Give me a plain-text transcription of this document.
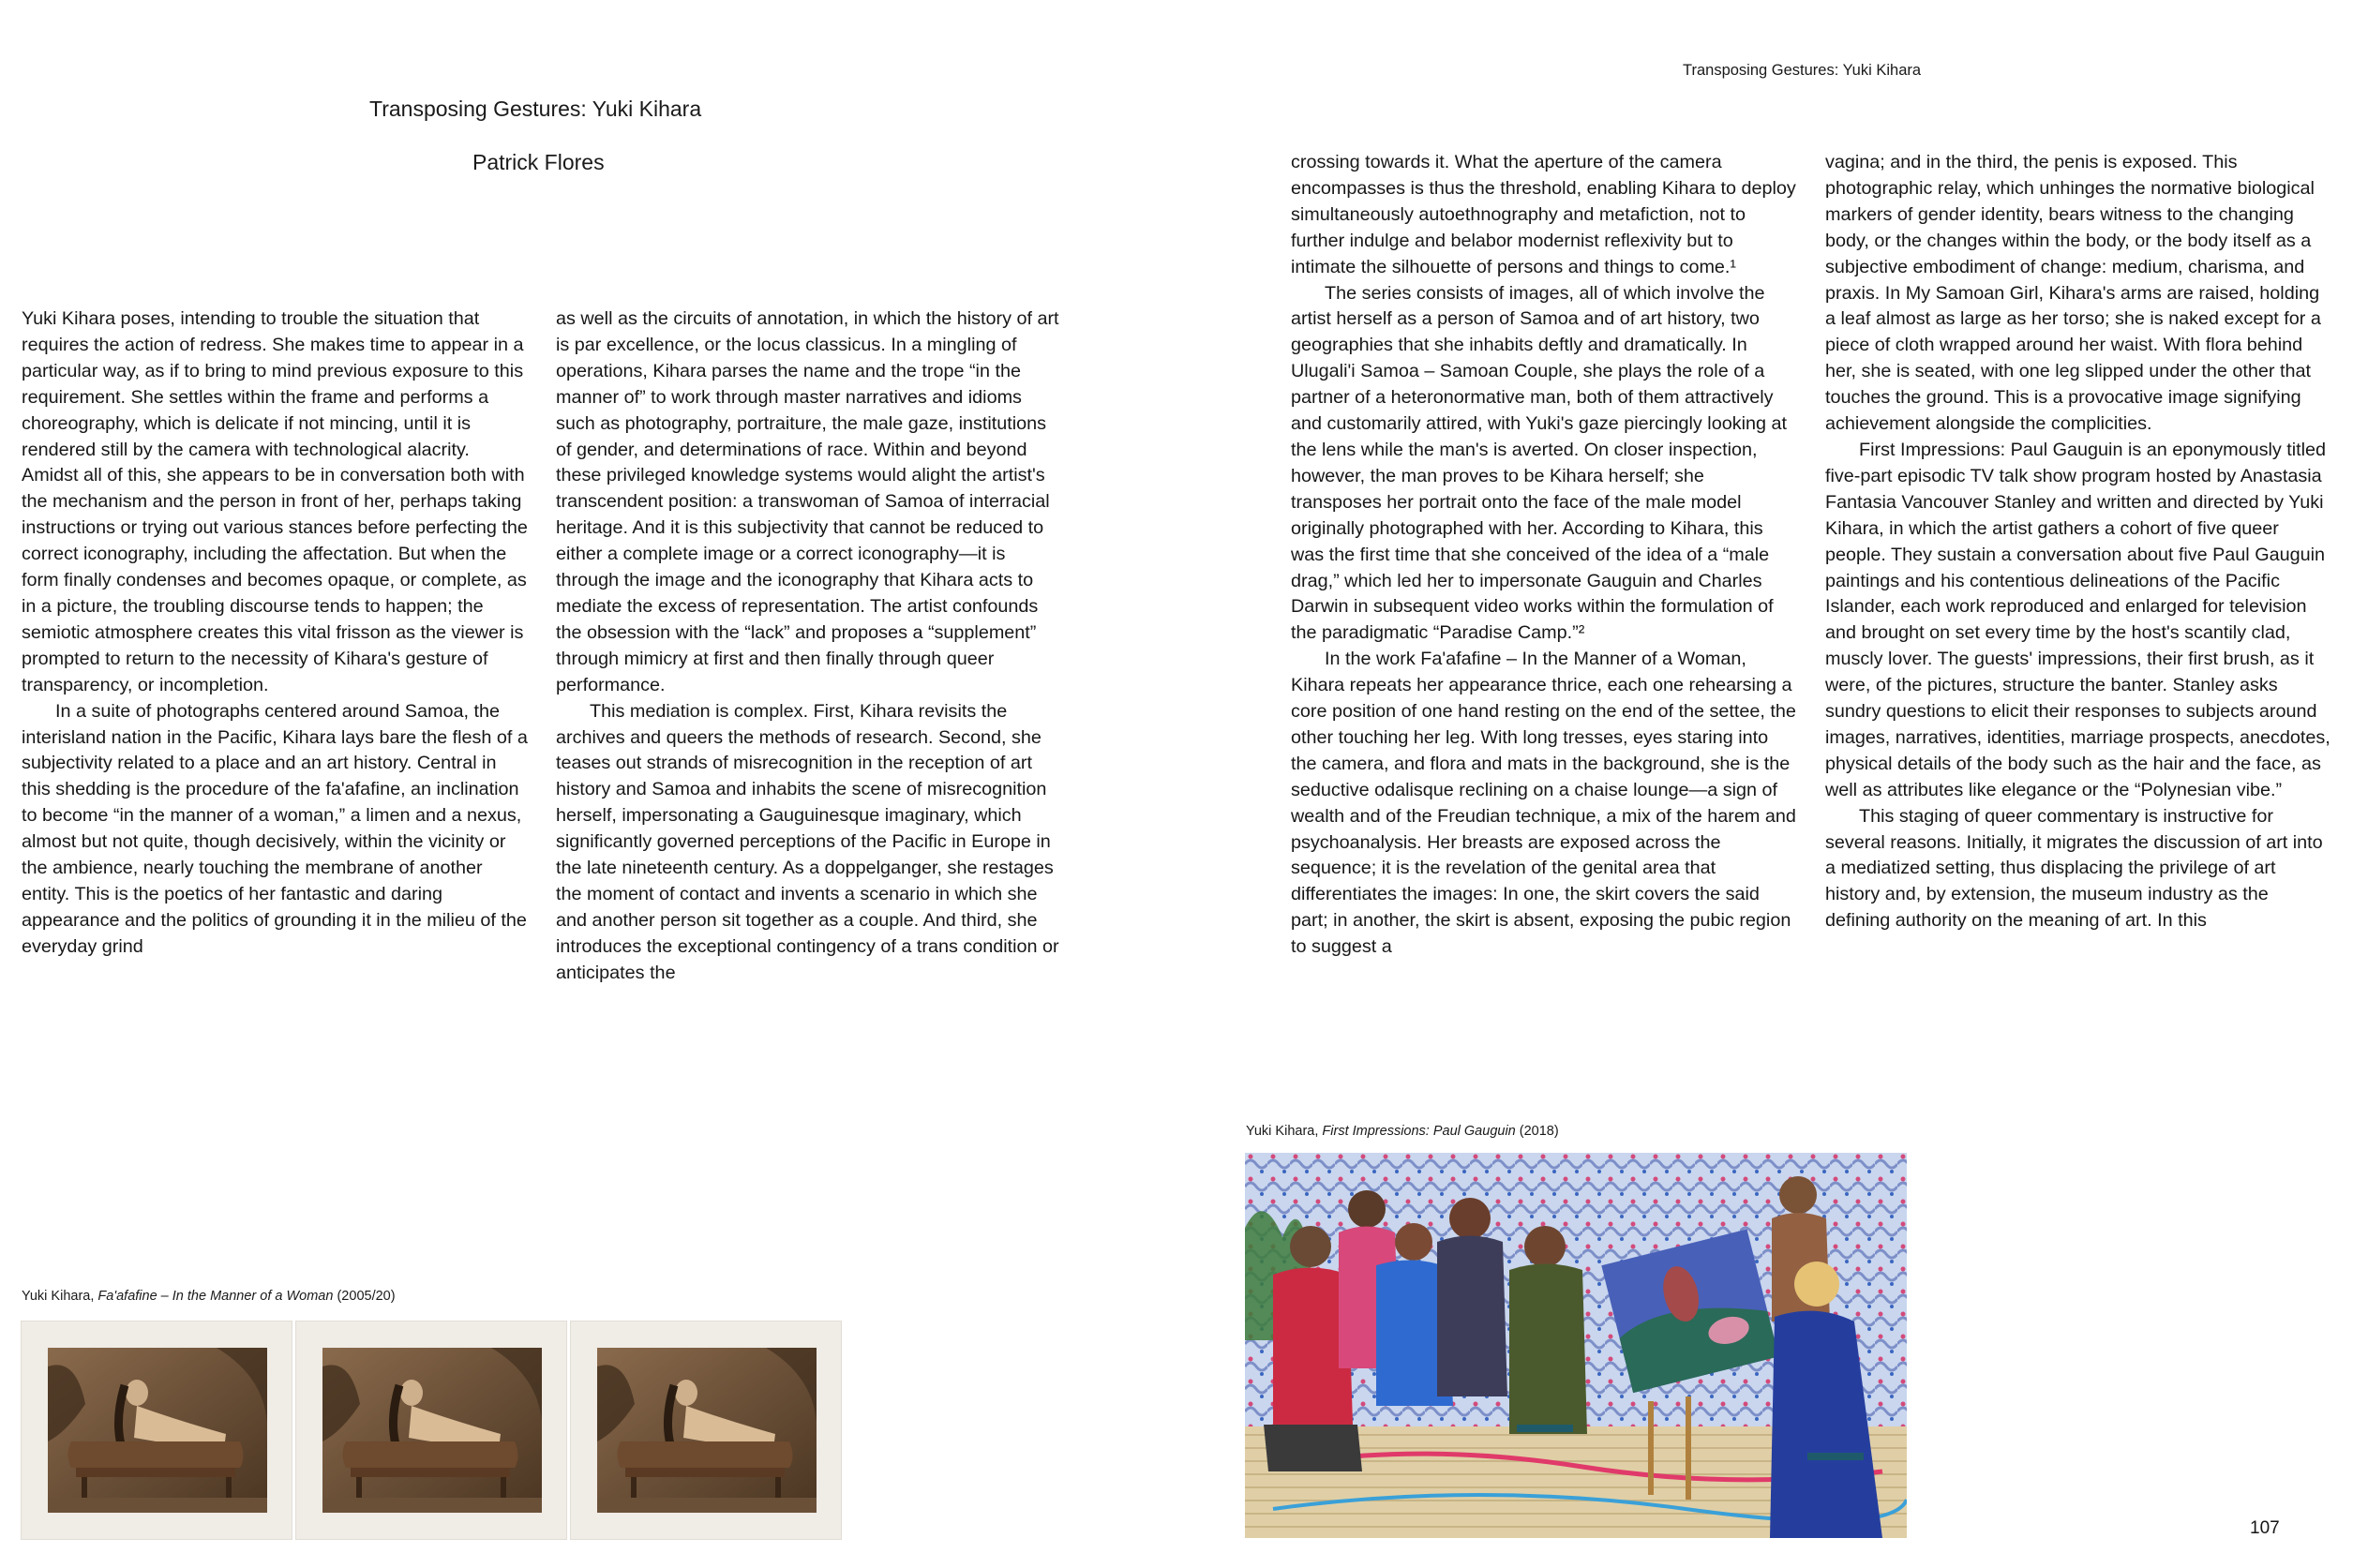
Transposing Gestures: Yuki Kihara
Patrick Flores

Yuki Kihara poses, intending to trouble the situation that requires the action of redress. She makes time to appear in a particular way, as if to bring to mind previous exposure to this requirement. She settles within the frame and performs a choreography, which is delicate if not mincing, until it is rendered still by the camera with technological alacrity. Amidst all of this, she appears to be in conversation both with the mechanism and the person in front of her, perhaps taking instructions or trying out various stances before perfecting the correct iconography, including the affectation. But when the form finally condenses and becomes opaque, or complete, as in a picture, the troubling discourse tends to happen; the semiotic atmosphere creates this vital frisson as the viewer is prompted to return to the necessity of Kihara's gesture of transparency, or incompletion.

In a suite of photographs centered around Samoa, the interisland nation in the Pacific, Kihara lays bare the flesh of a subjectivity related to a place and an art history. Central in this shedding is the procedure of the fa'afafine, an inclination to become “in the manner of a woman,” a limen and a nexus, almost but not quite, though decisively, within the vicinity or the ambience, nearly touching the membrane of another entity. This is the poetics of her fantastic and daring appearance and the politics of grounding it in the milieu of the everyday grind

as well as the circuits of annotation, in which the history of art is par excellence, or the locus classicus. In a mingling of operations, Kihara parses the name and the trope “in the manner of” to work through master narratives and idioms such as photography, portraiture, the male gaze, institutions of gender, and determinations of race. Within and beyond these privileged knowledge systems would alight the artist's transcendent position: a transwoman of Samoa of interracial heritage. And it is this subjectivity that cannot be reduced to either a complete image or a correct iconography—it is through the image and the iconography that Kihara acts to mediate the excess of representation. The artist confounds the obsession with the “lack” and proposes a “supplement” through mimicry at first and then finally through queer performance.

This mediation is complex. First, Kihara revisits the archives and queers the methods of research. Second, she teases out strands of misrecognition in the reception of art history and Samoa and inhabits the scene of misrecognition herself, impersonating a Gauguinesque imaginary, which significantly governed perceptions of the Pacific in Europe in the late nineteenth century. As a doppelganger, she restages the moment of contact and invents a scenario in which she and another person sit together as a couple. And third, she introduces the exceptional contingency of a trans condition or anticipates the

Yuki Kihara, Fa'afafine – In the Manner of a Woman (2005/20)
Transposing Gestures: Yuki Kihara

crossing towards it. What the aperture of the camera encompasses is thus the threshold, enabling Kihara to deploy simultaneously autoethnography and metafiction, not to further indulge and belabor modernist reflexivity but to intimate the silhouette of persons and things to come.¹

The series consists of images, all of which involve the artist herself as a person of Samoa and of art history, two geographies that she inhabits deftly and dramatically. In Ulugali'i Samoa – Samoan Couple, she plays the role of a partner of a heteronormative man, both of them attractively and customarily attired, with Yuki's gaze piercingly looking at the lens while the man's is averted. On closer inspection, however, the man proves to be Kihara herself; she transposes her portrait onto the face of the male model originally photographed with her. According to Kihara, this was the first time that she conceived of the idea of a “male drag,” which led her to impersonate Gauguin and Charles Darwin in subsequent video works within the formulation of the paradigmatic “Paradise Camp.”²

In the work Fa'afafine – In the Manner of a Woman, Kihara repeats her appearance thrice, each one rehearsing a core position of one hand resting on the end of the settee, the other touching her leg. With long tresses, eyes staring into the camera, and flora and mats in the background, she is the seductive odalisque reclining on a chaise lounge—a sign of wealth and of the Freudian technique, a mix of the harem and psychoanalysis. Her breasts are exposed across the sequence; it is the revelation of the genital area that differentiates the images: In one, the skirt covers the said part; in another, the skirt is absent, exposing the pubic region to suggest a

vagina; and in the third, the penis is exposed. This photographic relay, which unhinges the normative biological markers of gender identity, bears witness to the changing body, or the changes within the body, or the body itself as a subjective embodiment of change: medium, charisma, and praxis. In My Samoan Girl, Kihara's arms are raised, holding a leaf almost as large as her torso; she is naked except for a piece of cloth wrapped around her waist. With flora behind her, she is seated, with one leg slipped under the other that touches the ground. This is a provocative image signifying achievement alongside the complicities.

First Impressions: Paul Gauguin is an eponymously titled five-part episodic TV talk show program hosted by Anastasia Fantasia Vancouver Stanley and written and directed by Yuki Kihara, in which the artist gathers a cohort of five queer people. They sustain a conversation about five Paul Gauguin paintings and his contentious delineations of the Pacific Islander, each work reproduced and enlarged for television and brought on set every time by the host's scantily clad, muscly lover. The guests' impressions, their first brush, as it were, of the pictures, structure the banter. Stanley asks sundry questions to elicit their responses to subjects around images, narratives, identities, marriage prospects, anecdotes, physical details of the body such as the hair and the face, as well as attributes like elegance or the “Polynesian vibe.”

This staging of queer commentary is instructive for several reasons. Initially, it migrates the discussion of art into a mediatized setting, thus displacing the privilege of art history and, by extension, the museum industry as the defining authority on the meaning of art. In this

Yuki Kihara, First Impressions: Paul Gauguin (2018)
107
